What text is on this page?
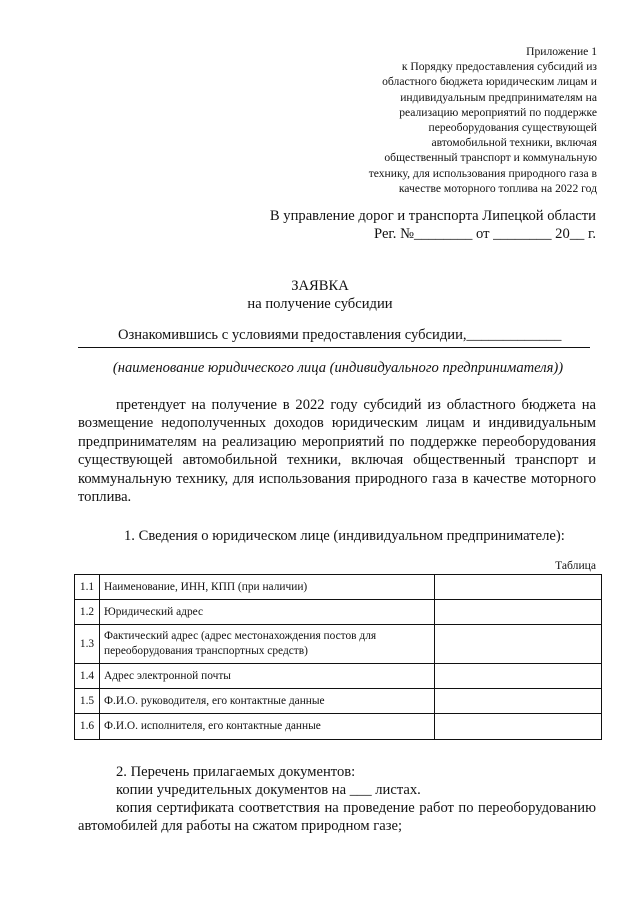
Приложение 1
к Порядку предоставления субсидий из
областного бюджета юридическим лицам и
индивидуальным предпринимателям на
реализацию мероприятий по поддержке
переоборудования существующей
автомобильной техники, включая
общественный транспорт и коммунальную
технику, для использования природного газа в
качестве моторного топлива на 2022 год
В управление дорог и транспорта Липецкой области
Рег. №________ от ________ 20__ г.
ЗАЯВКА
на получение субсидии
Ознакомившись с условиями предоставления субсидии,_____________
(наименование юридического лица (индивидуального предпринимателя))
претендует на получение в 2022 году субсидий из областного бюджета на возмещение недополученных доходов юридическим лицам и индивидуальным предпринимателям на реализацию мероприятий по поддержке переоборудования существующей автомобильной техники, включая общественный транспорт и коммунальную технику, для использования природного газа в качестве моторного топлива.
1. Сведения о юридическом лице (индивидуальном предпринимателе):
Таблица
1.1	Наименование, ИНН, КПП (при наличии)	
1.2	Юридический адрес	
1.3	Фактический адрес (адрес местонахождения постов для переоборудования транспортных средств)	
1.4	Адрес электронной почты	
1.5	Ф.И.О. руководителя, его контактные данные	
1.6	Ф.И.О. исполнителя, его контактные данные	
2. Перечень прилагаемых документов:
копии учредительных документов на ___ листах.
копия сертификата соответствия на проведение работ по переоборудованию автомобилей для работы на сжатом природном газе;
